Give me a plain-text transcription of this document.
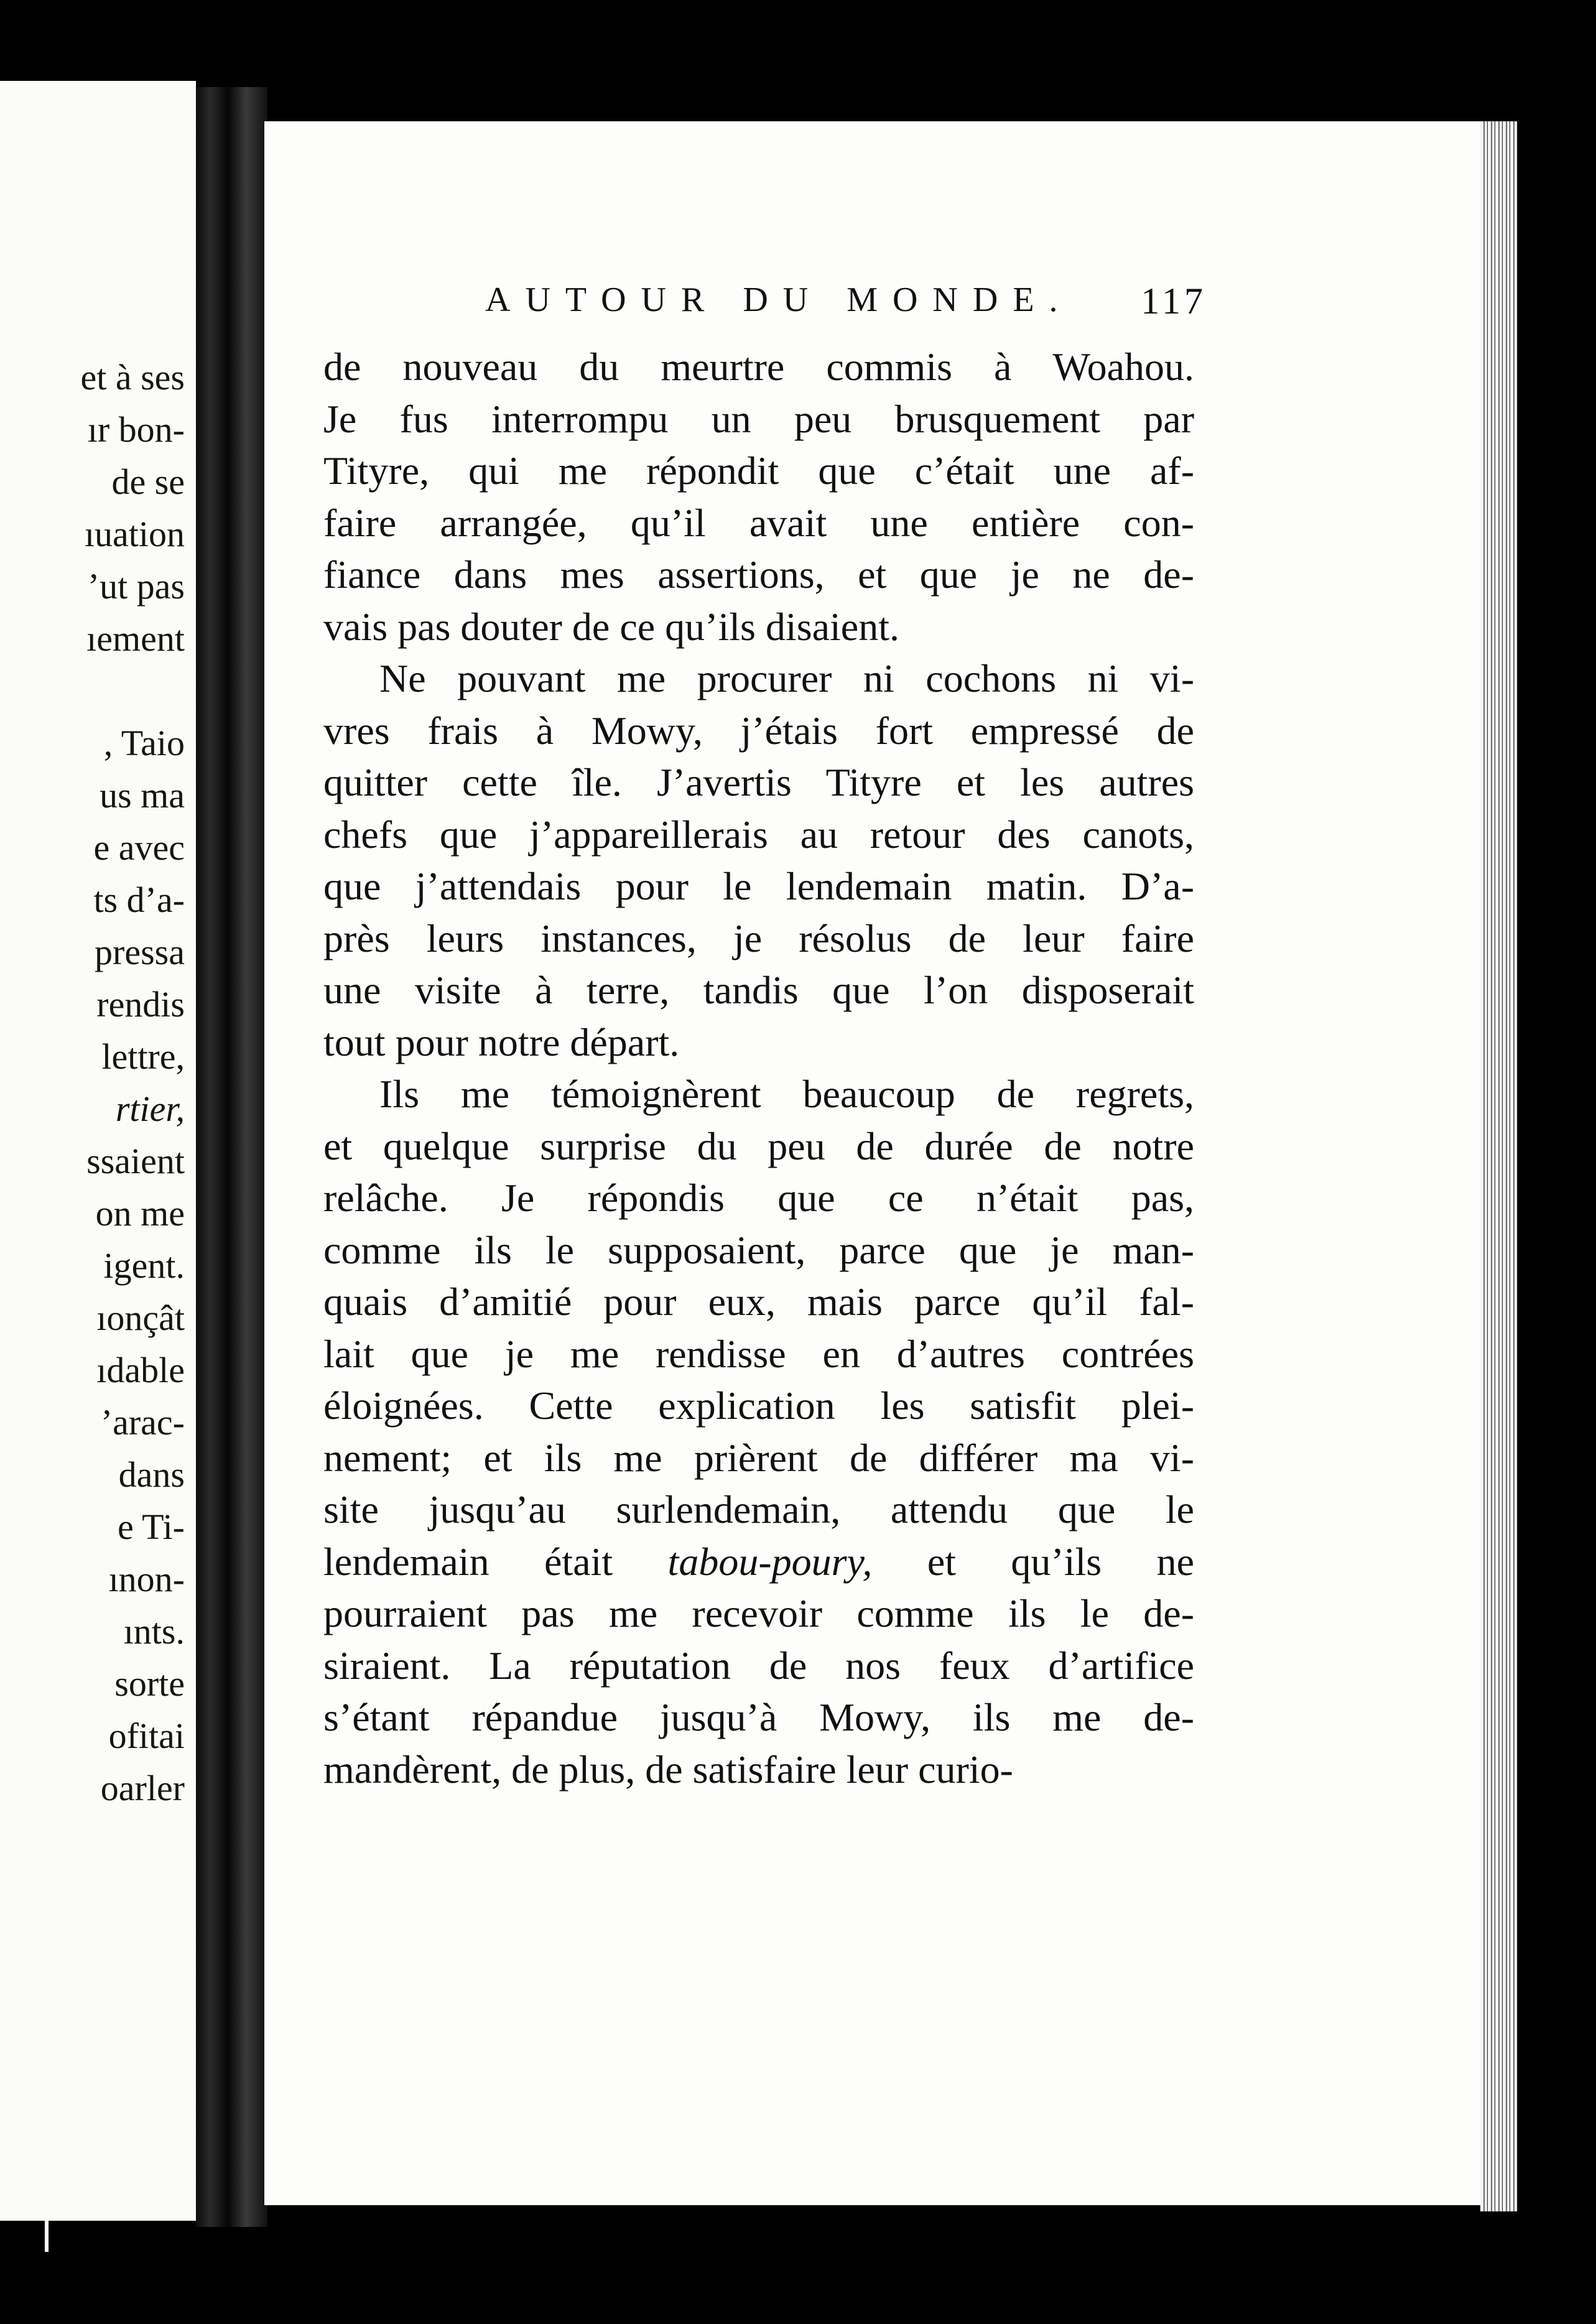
et à ses
ır bon-
de se
ıuation
ʼut pas
ıement
, Taio
us ma
e avec
ts d’a-
pressa
rendis
lettre,
rtier,
ssaient
on me
igent.
ıonçât
ıdable
ʼarac-
dans
e Ti-
ınon-
ınts.
sorte
ofitai
oarler
AUTOUR DU MONDE. 117
de nouveau du meurtre commis à Woahou.
Je fus interrompu un peu brusquement par
Tityre, qui me répondit que c’était une af-
faire arrangée, qu’il avait une entière con-
fiance dans mes assertions, et que je ne de-
vais pas douter de ce qu’ils disaient.
Ne pouvant me procurer ni cochons ni vi-
vres frais à Mowy, j’étais fort empressé de
quitter cette île. J’avertis Tityre et les autres
chefs que j’appareillerais au retour des canots,
que j’attendais pour le lendemain matin. D’a-
près leurs instances, je résolus de leur faire
une visite à terre, tandis que l’on disposerait
tout pour notre départ.
Ils me témoignèrent beaucoup de regrets,
et quelque surprise du peu de durée de notre
relâche. Je répondis que ce n’était pas,
comme ils le supposaient, parce que je man-
quais d’amitié pour eux, mais parce qu’il fal-
lait que je me rendisse en d’autres contrées
éloignées. Cette explication les satisfit plei-
nement; et ils me prièrent de différer ma vi-
site jusqu’au surlendemain, attendu que le
lendemain était tabou-poury, et qu’ils ne
pourraient pas me recevoir comme ils le de-
siraient. La réputation de nos feux d’artifice
s’étant répandue jusqu’à Mowy, ils me de-
mandèrent, de plus, de satisfaire leur curio-
